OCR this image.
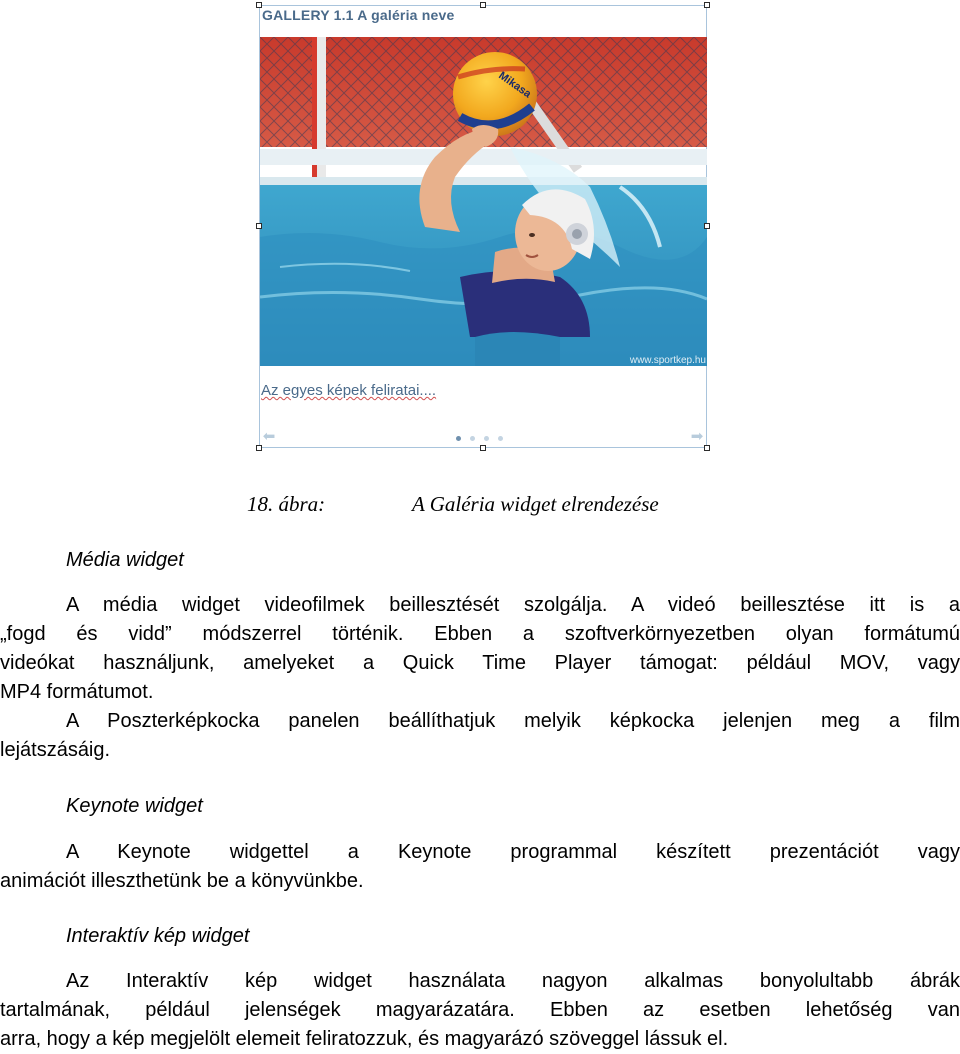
GALLERY 1.1 A galéria neve
Mikasa
www.sportkep.hu
Az egyes képek feliratai....
⬅	➡
18. ábra:	A Galéria widget elrendezése
Média widget
A média widget videofilmek beillesztését szolgálja. A videó beillesztése itt is a
„fogd és vidd” módszerrel történik. Ebben a szoftverkörnyezetben olyan formátumú
videókat használjunk, amelyeket a Quick Time Player támogat: például MOV, vagy
MP4 formátumot.
A Poszterképkocka panelen beállíthatjuk melyik képkocka jelenjen meg a film
lejátszásáig.
Keynote widget
A Keynote widgettel a Keynote programmal készített prezentációt vagy
animációt illeszthetünk be a könyvünkbe.
Interaktív kép widget
Az Interaktív kép widget használata nagyon alkalmas bonyolultabb ábrák
tartalmának, például jelenségek magyarázatára. Ebben az esetben lehetőség van
arra, hogy a kép megjelölt elemeit feliratozzuk, és magyarázó szöveggel lássuk el.
